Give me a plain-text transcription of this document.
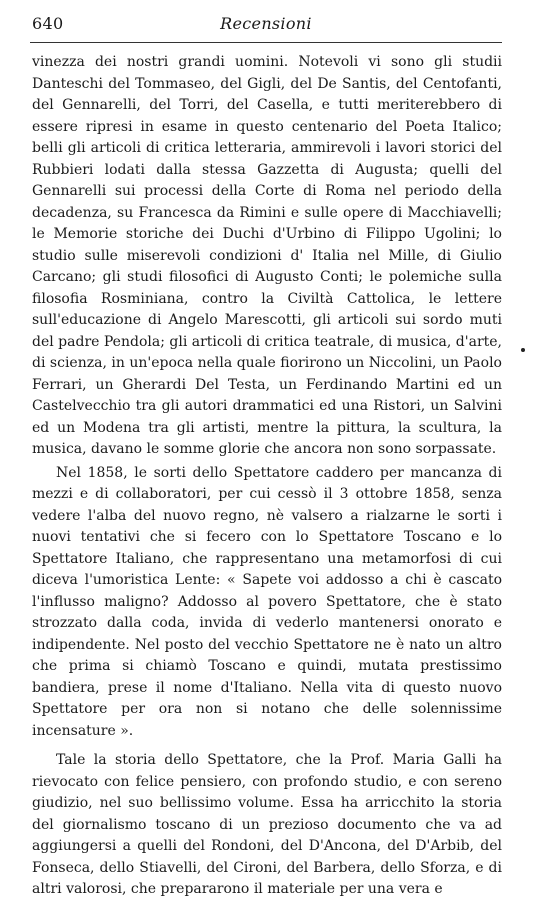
640	Recensioni

vinezza dei nostri grandi uomini. Notevoli vi sono gli studii Danteschi del Tommaseo, del Gigli, del De Santis, del Centofanti, del Gennarelli, del Torri, del Casella, e tutti meriterebbero di essere ripresi in esame in questo centenario del Poeta Italico; belli gli articoli di critica letteraria, ammirevoli i lavori storici del Rubbieri lodati dalla stessa Gazzetta di Augusta; quelli del Gennarelli sui processi della Corte di Roma nel periodo della decadenza, su Francesca da Rimini e sulle opere di Macchiavelli; le Memorie storiche dei Duchi d'Urbino di Filippo Ugolini; lo studio sulle miserevoli condizioni d' Italia nel Mille, di Giulio Carcano; gli studi filosofici di Augusto Conti; le polemiche sulla filosofia Rosminiana, contro la Civiltà Cattolica, le lettere sull'educazione di Angelo Marescotti, gli articoli sui sordo muti del padre Pendola; gli articoli di critica teatrale, di musica, d'arte, di scienza, in un'epoca nella quale fiorirono un Niccolini, un Paolo Ferrari, un Gherardi Del Testa, un Ferdinando Martini ed un Castelvecchio tra gli autori drammatici ed una Ristori, un Salvini ed un Modena tra gli artisti, mentre la pittura, la scultura, la musica, davano le somme glorie che ancora non sono sorpassate.

Nel 1858, le sorti dello Spettatore caddero per mancanza di mezzi e di collaboratori, per cui cessò il 3 ottobre 1858, senza vedere l'alba del nuovo regno, nè valsero a rialzarne le sorti i nuovi tentativi che si fecero con lo Spettatore Toscano e lo Spettatore Italiano, che rappresentano una metamorfosi di cui diceva l'umoristica Lente: « Sapete voi addosso a chi è cascato l'influsso maligno? Addosso al povero Spettatore, che è stato strozzato dalla coda, invida di vederlo mantenersi onorato e indipendente. Nel posto del vecchio Spettatore ne è nato un altro che prima si chiamò Toscano e quindi, mutata prestissimo bandiera, prese il nome d'Italiano. Nella vita di questo nuovo Spettatore per ora non si notano che delle solennissime incensature ».

Tale la storia dello Spettatore, che la Prof. Maria Galli ha rievocato con felice pensiero, con profondo studio, e con sereno giudizio, nel suo bellissimo volume. Essa ha arricchito la storia del giornalismo toscano di un prezioso documento che va ad aggiungersi a quelli del Rondoni, del D'Ancona, del D'Arbib, del Fonseca, dello Stiavelli, del Cironi, del Barbera, dello Sforza, e di altri valorosi, che prepararono il materiale per una vera e
